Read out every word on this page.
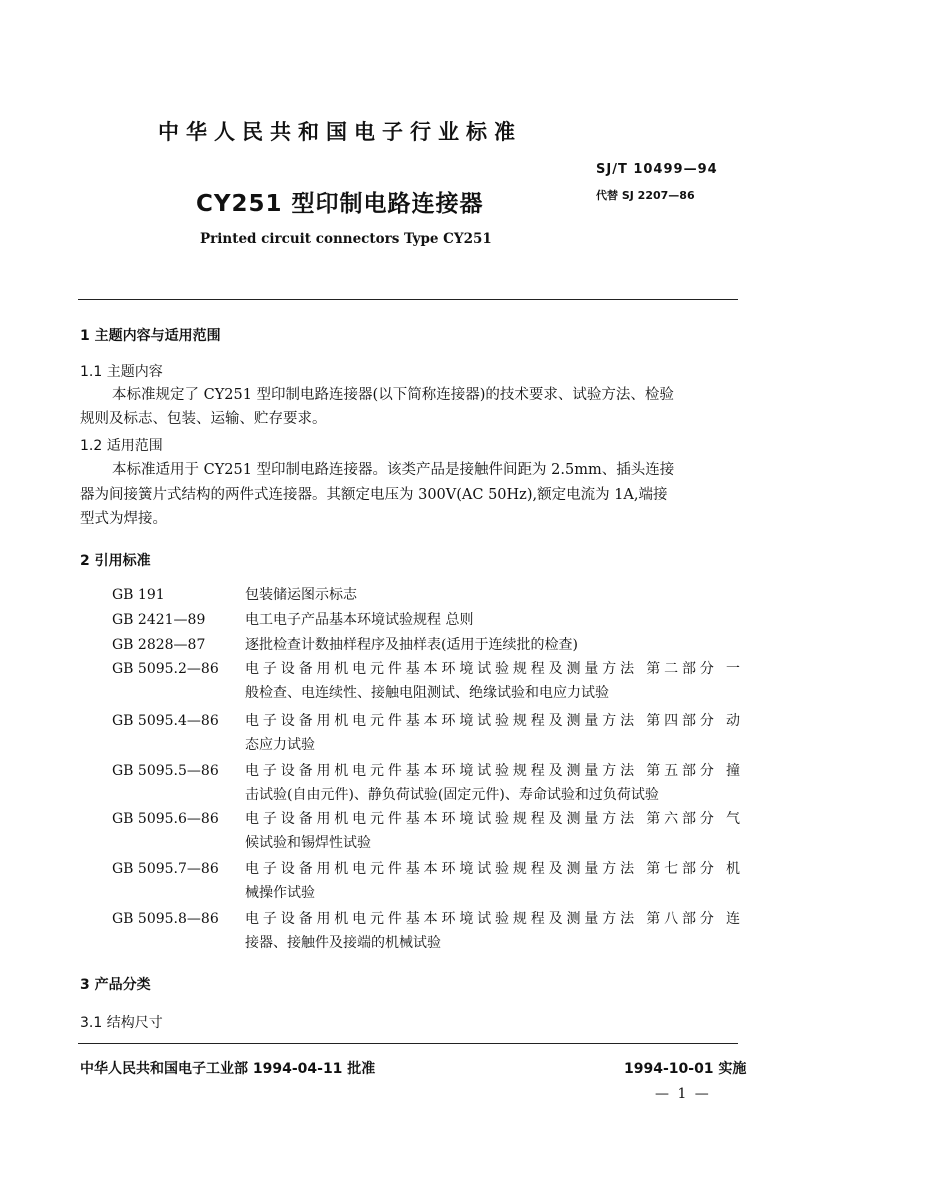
中华人民共和国电子行业标准
SJ/T 10499—94
代替 SJ 2207—86
CY251 型印制电路连接器
Printed circuit connectors Type CY251
1 主题内容与适用范围
1.1 主题内容
本标准规定了 CY251 型印制电路连接器(以下简称连接器)的技术要求、试验方法、检验
规则及标志、包装、运输、贮存要求。
1.2 适用范围
本标准适用于 CY251 型印制电路连接器。该类产品是接触件间距为 2.5mm、插头连接
器为间接簧片式结构的两件式连接器。其额定电压为 300V(AC 50Hz),额定电流为 1A,端接
型式为焊接。
2 引用标准
GB 191	包装储运图示标志
GB 2421—89	电工电子产品基本环境试验规程 总则
GB 2828—87	逐批检查计数抽样程序及抽样表(适用于连续批的检查)
GB 5095.2—86 电子设备用机电元件基本环境试验规程及测量方法 第二部分 一
般检查、电连续性、接触电阻测试、绝缘试验和电应力试验
GB 5095.4—86 电子设备用机电元件基本环境试验规程及测量方法 第四部分 动
态应力试验
GB 5095.5—86 电子设备用机电元件基本环境试验规程及测量方法 第五部分 撞
击试验(自由元件)、静负荷试验(固定元件)、寿命试验和过负荷试验
GB 5095.6—86 电子设备用机电元件基本环境试验规程及测量方法 第六部分 气
候试验和锡焊性试验
GB 5095.7—86 电子设备用机电元件基本环境试验规程及测量方法 第七部分 机
械操作试验
GB 5095.8—86 电子设备用机电元件基本环境试验规程及测量方法 第八部分 连
接器、接触件及接端的机械试验
3 产品分类
3.1 结构尺寸
中华人民共和国电子工业部 1994-04-11 批准	1994-10-01 实施
— 1 —
